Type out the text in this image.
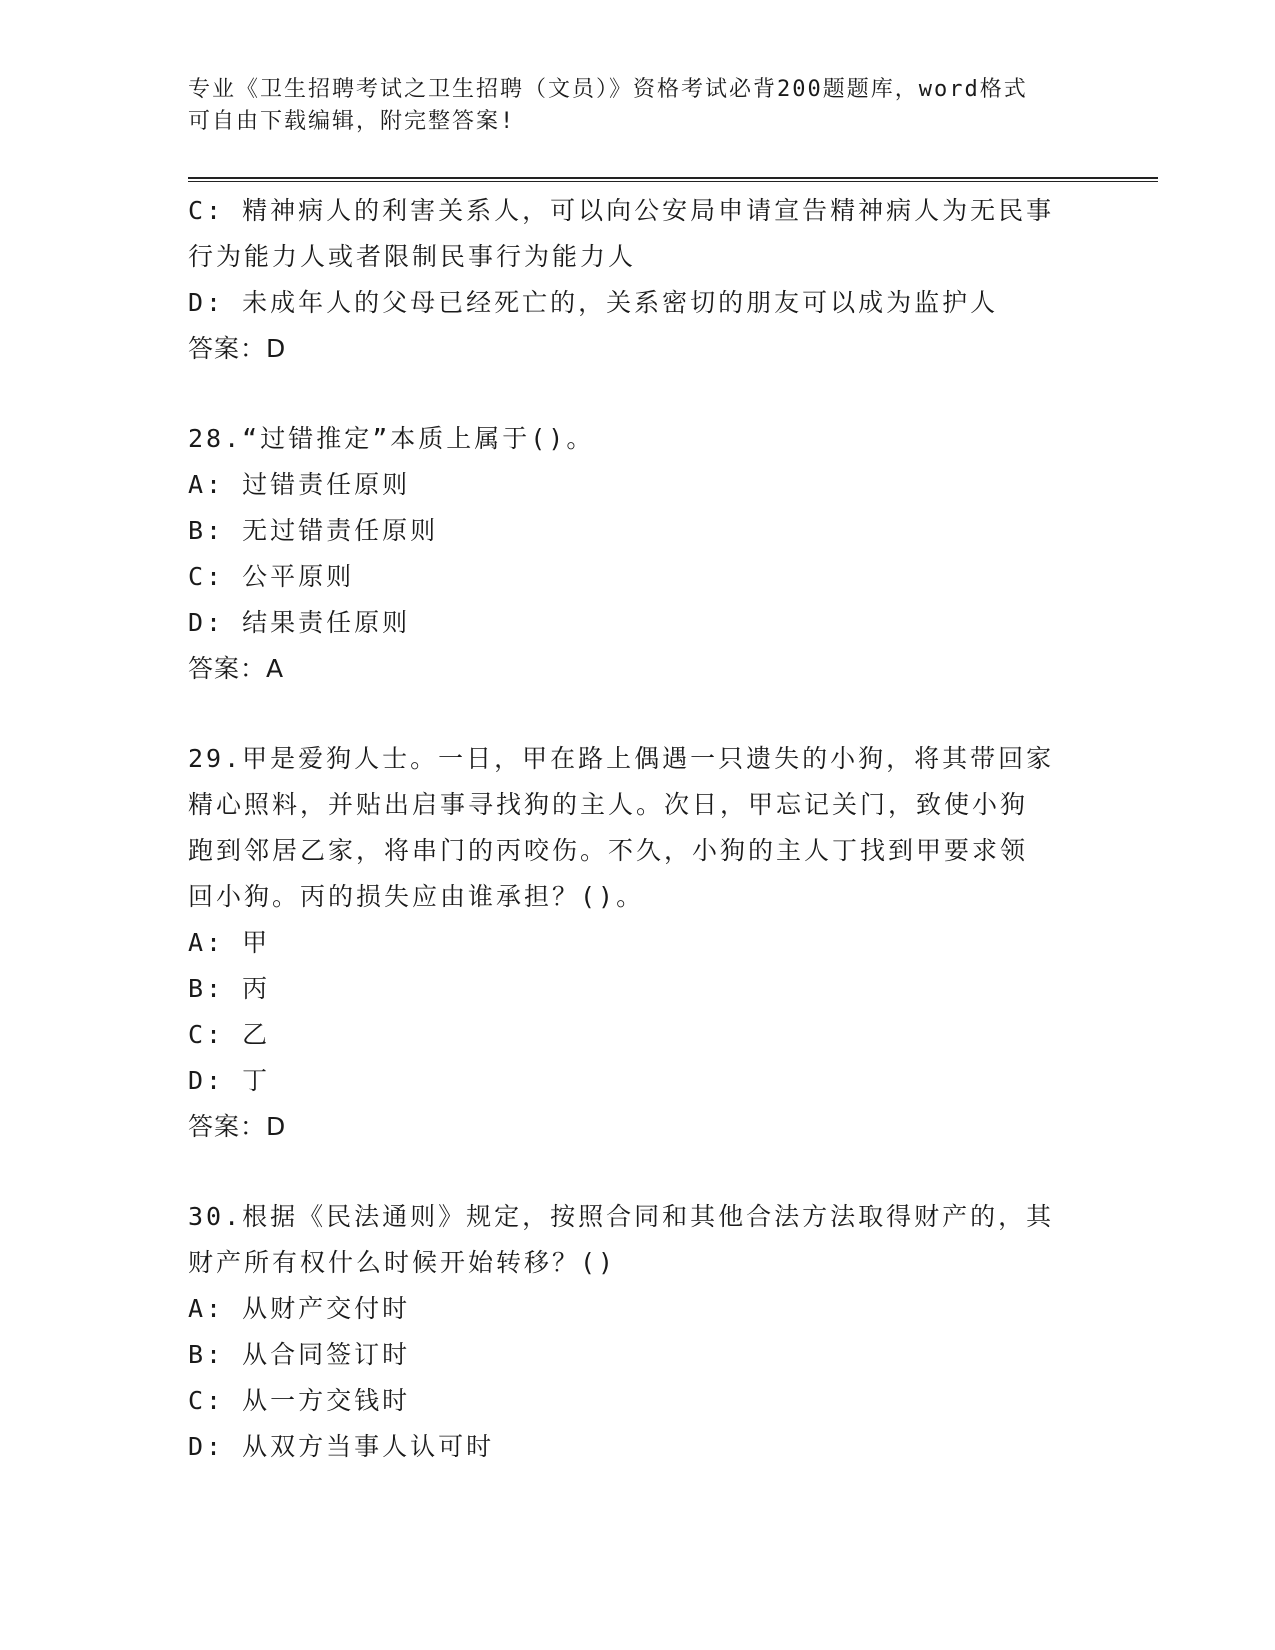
专业《卫生招聘考试之卫生招聘（文员）》资格考试必背200题题库，word格式
可自由下载编辑，附完整答案!
C: 精神病人的利害关系人，可以向公安局申请宣告精神病人为无民事
行为能力人或者限制民事行为能力人
D: 未成年人的父母已经死亡的，关系密切的朋友可以成为监护人
答案：D
28.“过错推定”本质上属于()。
A: 过错责任原则
B: 无过错责任原则
C: 公平原则
D: 结果责任原则
答案：A
29.甲是爱狗人士。一日，甲在路上偶遇一只遗失的小狗，将其带回家
精心照料，并贴出启事寻找狗的主人。次日，甲忘记关门，致使小狗
跑到邻居乙家，将串门的丙咬伤。不久，小狗的主人丁找到甲要求领
回小狗。丙的损失应由谁承担？()。
A: 甲
B: 丙
C: 乙
D: 丁
答案：D
30.根据《民法通则》规定，按照合同和其他合法方法取得财产的，其
财产所有权什么时候开始转移？()
A: 从财产交付时
B: 从合同签订时
C: 从一方交钱时
D: 从双方当事人认可时
